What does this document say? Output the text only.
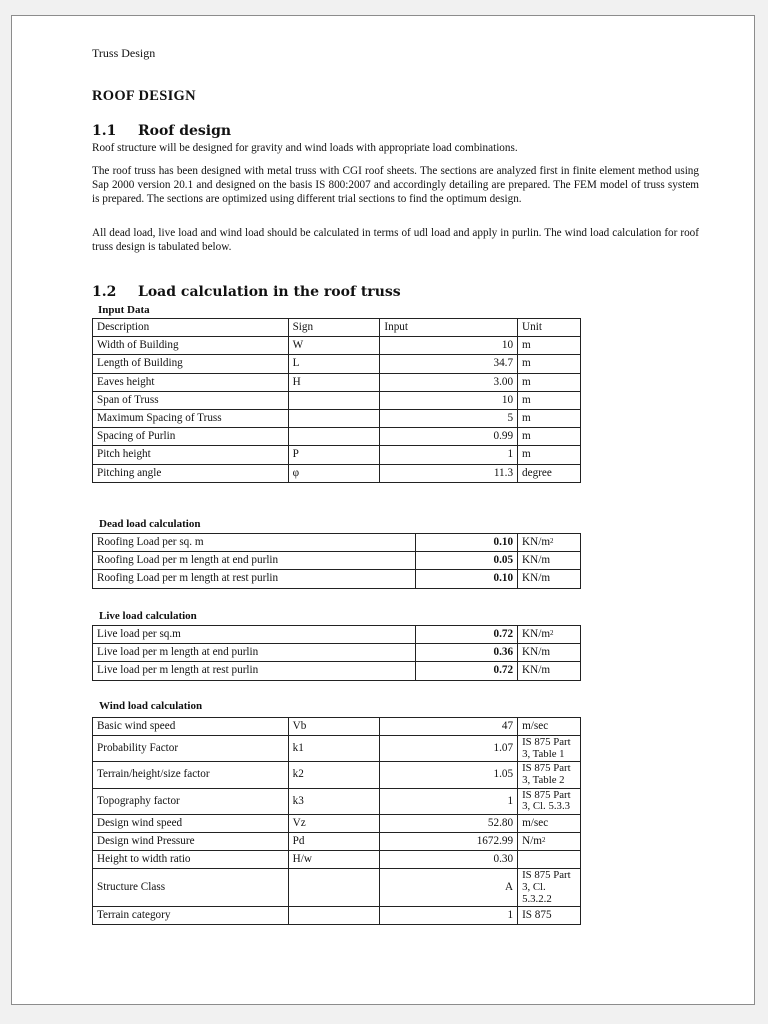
Truss Design
ROOF DESIGN
1.1 Roof design
Roof structure will be designed for gravity and wind loads with appropriate load combinations.
The roof truss has been designed with metal truss with CGI roof sheets. The sections are analyzed first in finite element method using Sap 2000 version 20.1 and designed on the basis IS 800:2007 and accordingly detailing are prepared. The FEM model of truss system is prepared. The sections are optimized using different trial sections to find the optimum design.
All dead load, live load and wind load should be calculated in terms of udl load and apply in purlin. The wind load calculation for roof truss design is tabulated below.
1.2 Load calculation in the roof truss
Input Data
Description	Sign	Input	Unit
Width of Building	W	10	m
Length of Building	L	34.7	m
Eaves height	H	3.00	m
Span of Truss		10	m
Maximum Spacing of Truss		5	m
Spacing of Purlin		0.99	m
Pitch height	P	1	m
Pitching angle	φ	11.3	degree
Dead load calculation
Roofing Load per sq. m	0.10	$KN/m^2$
Roofing Load per m length at end purlin	0.05	KN/m
Roofing Load per m length at rest purlin	0.10	KN/m
Live load calculation
Live load per sq.m	0.72	$KN/m^2$
Live load per m length at end purlin	0.36	KN/m
Live load per m length at rest purlin	0.72	KN/m
Wind load calculation
Basic wind speed	Vb	47	m/sec
Probability Factor	k1	1.07	IS 875 Part 3, Table 1
Terrain/height/size factor	k2	1.05	IS 875 Part 3, Table 2
Topography factor	k3	1	IS 875 Part 3, Cl. 5.3.3
Design wind speed	Vz	52.80	m/sec
Design wind Pressure	Pd	1672.99	$N/m^2$
Height to width ratio	H/w	0.30	
Structure Class		A	IS 875 Part 3, Cl. 5.3.2.2
Terrain category		1	IS 875
